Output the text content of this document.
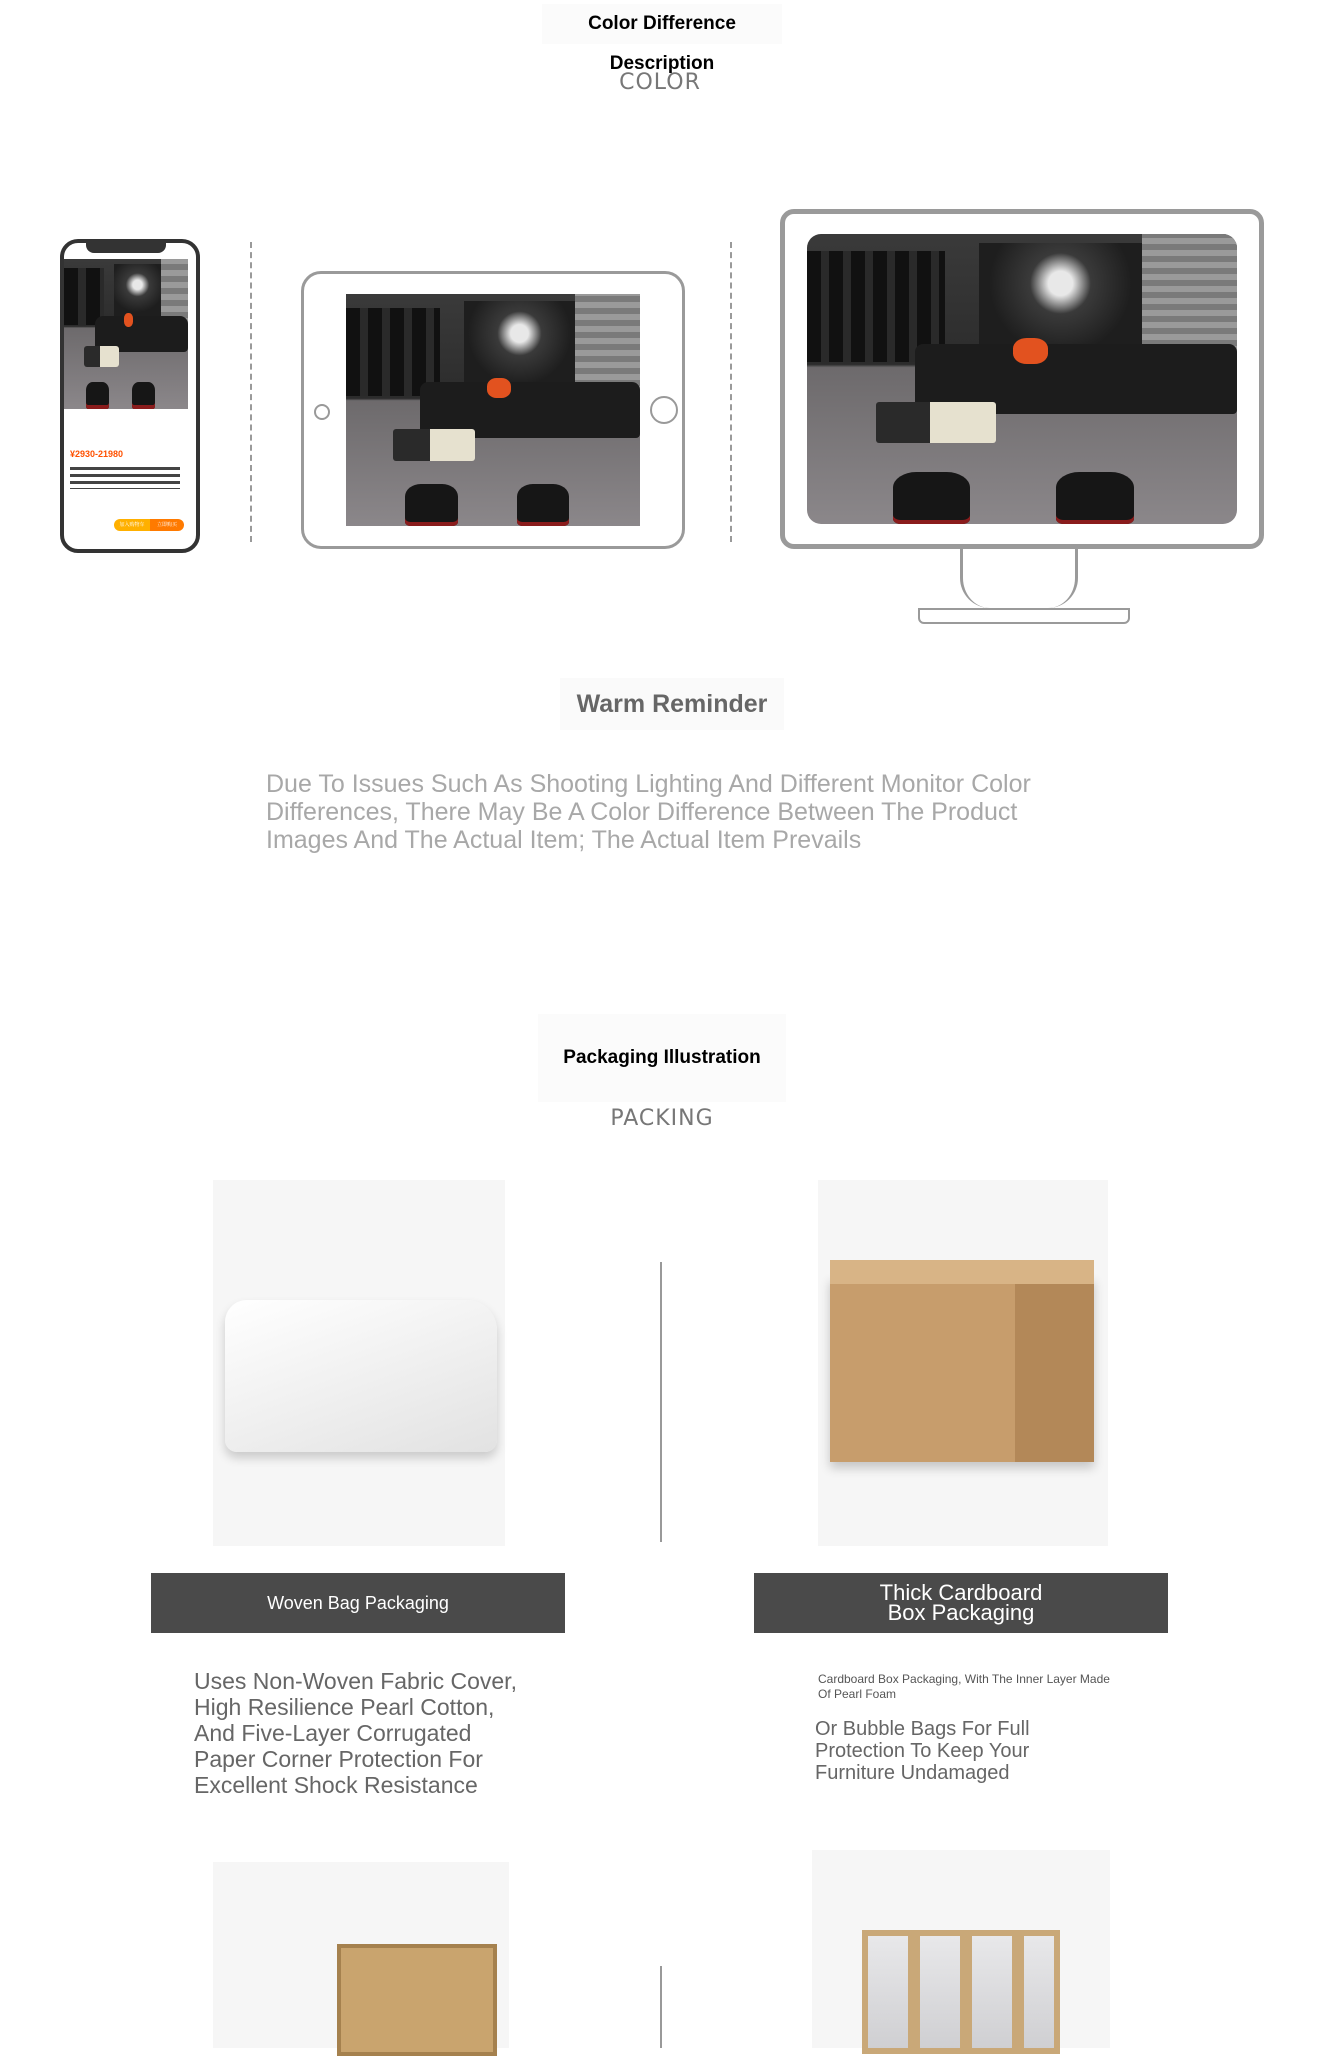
Color Difference Description
COLOR
¥2930-21980
加入购物车	立即购买
Warm Reminder
Due To Issues Such As Shooting Lighting And Different Monitor Color Differences, There May Be A Color Difference Between The Product Images And The Actual Item; The Actual Item Prevails
Packaging Illustration
PACKING
Woven Bag Packaging	Thick Cardboard Box Packaging
Uses Non-Woven Fabric Cover, High Resilience Pearl Cotton, And Five-Layer Corrugated Paper Corner Protection For Excellent Shock Resistance
Cardboard Box Packaging, With The Inner Layer Made Of Pearl Foam
Or Bubble Bags For Full Protection To Keep Your Furniture Undamaged
